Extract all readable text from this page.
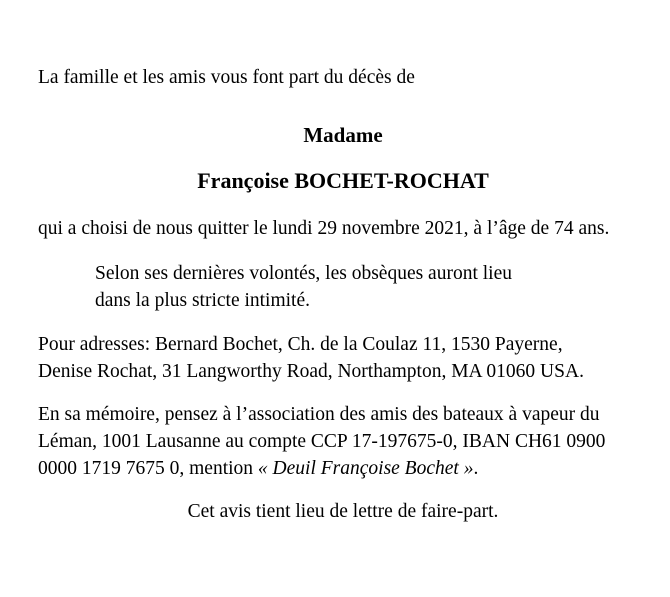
La famille et les amis vous font part du décès de
Madame
Françoise BOCHET-ROCHAT
qui a choisi de nous quitter le lundi 29 novembre 2021, à l’âge de 74 ans.
Selon ses dernières volontés, les obsèques auront lieu
dans la plus stricte intimité.
Pour adresses: Bernard Bochet, Ch. de la Coulaz 11, 1530 Payerne,
Denise Rochat, 31 Langworthy Road, Northampton, MA 01060 USA.
En sa mémoire, pensez à l’association des amis des bateaux à vapeur du
Léman, 1001 Lausanne au compte CCP 17-197675-0, IBAN CH61 0900
0000 1719 7675 0, mention « Deuil Françoise Bochet ».
Cet avis tient lieu de lettre de faire-part.
